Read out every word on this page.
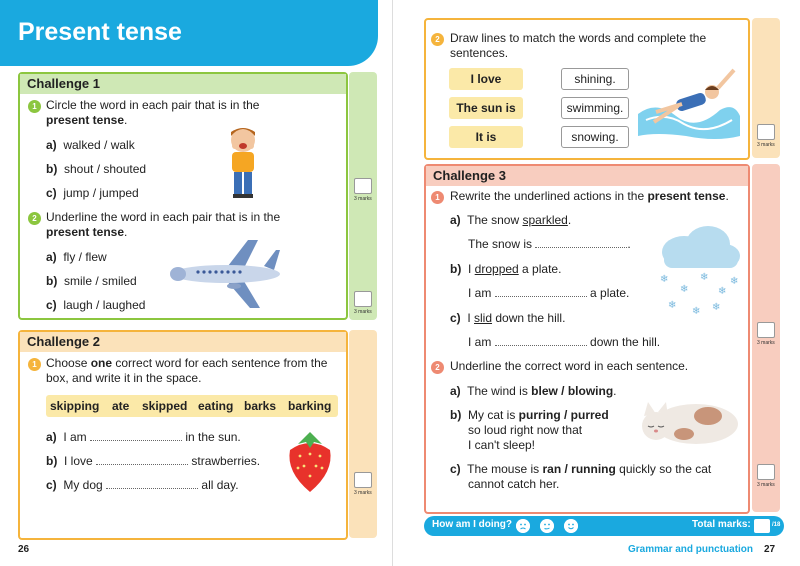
Present tense
Challenge 1
3 marks
3 marks
1 Circle the word in each pair that is in the
present tense.
a) walked / walk
b) shout / shouted
c) jump / jumped
2 Underline the word in each pair that is in the
present tense.
a) fly / flew
b) smile / smiled
c) laugh / laughed
Challenge 2
3 marks
1 Choose one correct word for each sentence from the
box, and write it in the space.
skipping ate skipped eating barks barking
a) I am	in the sun.
b) I love	strawberries.
c) My dog	all day.
26
3 marks
2 Draw lines to match the words and complete the
sentences.
I love
The sun is
It is
shining.
swimming.
snowing.
Challenge 3
3 marks
3 marks
1 Rewrite the underlined actions in the present tense.
a) The snow sparkled.
The snow is	.
b) I dropped a plate.
I am	a plate.
c) I slid down the hill.
I am	down the hill.
❄
❄
❄
❄
❄
❄ ❄
❄
2 Underline the correct word in each sentence.
a) The wind is blew / blowing.
b) My cat is purring / purred
so loud right now that
I can't sleep!
c) The mouse is ran / running quickly so the cat
cannot catch her.
How am I doing?	Total marks:	/18
Grammar and punctuation 27
